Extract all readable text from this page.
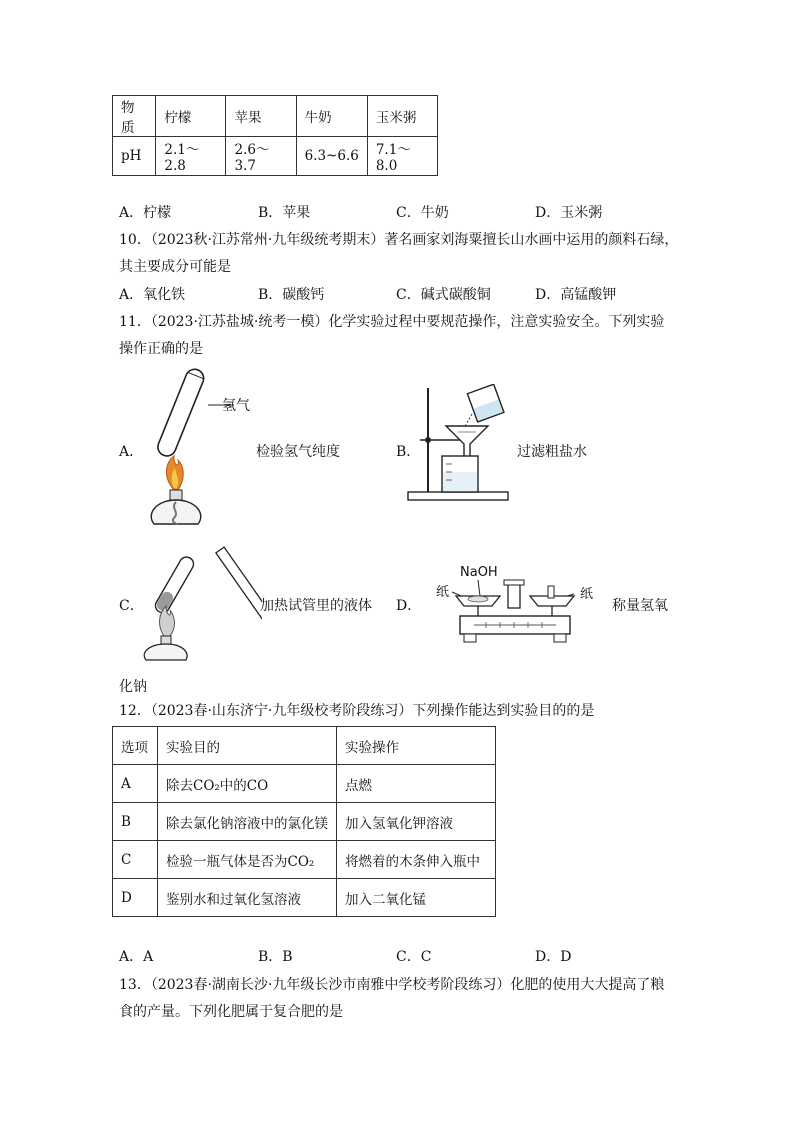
物质	柠檬	苹果	牛奶	玉米粥
pH	2.1～2.8	2.6～3.7	6.3~6.6	7.1～8.0
A．柠檬	B．苹果	C．牛奶	D．玉米粥
10．（2023秋·江苏常州·九年级统考期末）著名画家刘海粟擅长山水画中运用的颜料石绿，
其主要成分可能是
A．氧化铁	B．碳酸钙	C．碱式碳酸铜	D．高锰酸钾
11．（2023·江苏盐城·统考一模）化学实验过程中要规范操作，注意实验安全。下列实验
操作正确的是
A．
氢气
检验氢气纯度	B．	过滤粗盐水
C．	加热试管里的液体 D．
NaOH
纸	纸
称量氢氧
化钠
12．（2023春·山东济宁·九年级校考阶段练习）下列操作能达到实验目的的是
选项	实验目的	实验操作
A	除去CO₂中的CO	点燃
B	除去氯化钠溶液中的氯化镁	加入氢氧化钾溶液
C	检验一瓶气体是否为CO₂	将燃着的木条伸入瓶中
D	鉴别水和过氧化氢溶液	加入二氧化锰
A．A	B．B	C．C	D．D
13．（2023春·湖南长沙·九年级长沙市南雅中学校考阶段练习）化肥的使用大大提高了粮
食的产量。下列化肥属于复合肥的是
